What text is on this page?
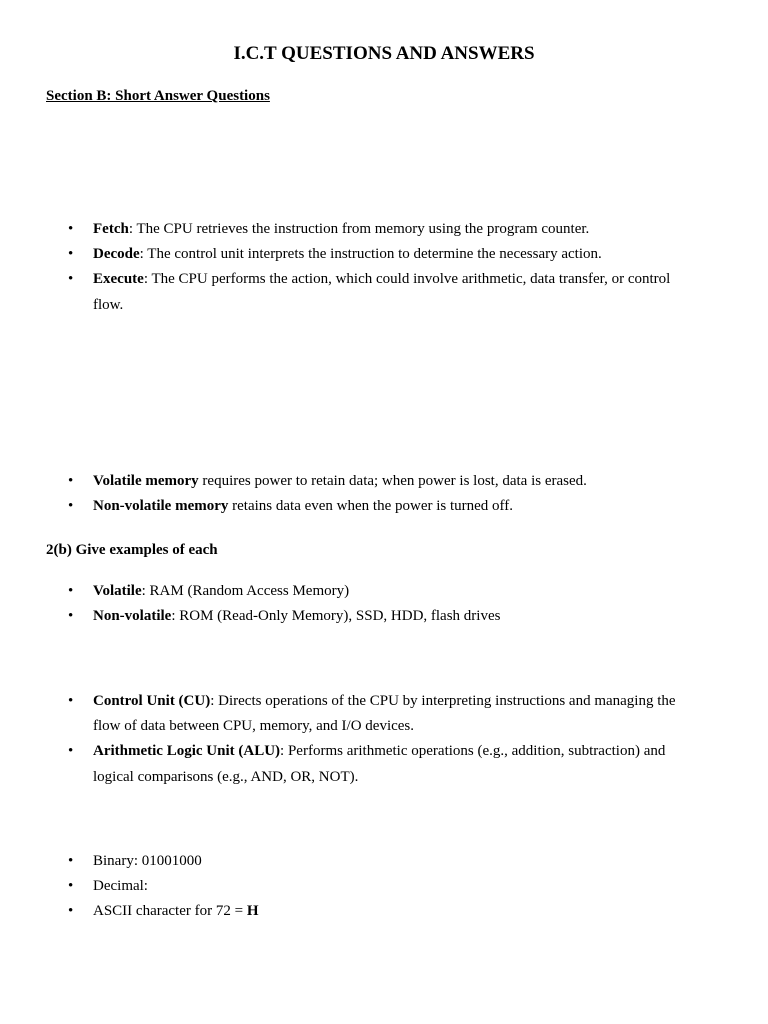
I.C.T QUESTIONS AND ANSWERS
Section B: Short Answer Questions
• Fetch: The CPU retrieves the instruction from memory using the program counter.
• Decode: The control unit interprets the instruction to determine the necessary action.
• Execute: The CPU performs the action, which could involve arithmetic, data transfer, or control flow.
• Volatile memory requires power to retain data; when power is lost, data is erased.
• Non-volatile memory retains data even when the power is turned off.
2(b) Give examples of each
• Volatile: RAM (Random Access Memory)
• Non-volatile: ROM (Read-Only Memory), SSD, HDD, flash drives
• Control Unit (CU): Directs operations of the CPU by interpreting instructions and managing the flow of data between CPU, memory, and I/O devices.
• Arithmetic Logic Unit (ALU): Performs arithmetic operations (e.g., addition, subtraction) and logical comparisons (e.g., AND, OR, NOT).
• Binary: 01001000
• Decimal:
• ASCII character for 72 = H
